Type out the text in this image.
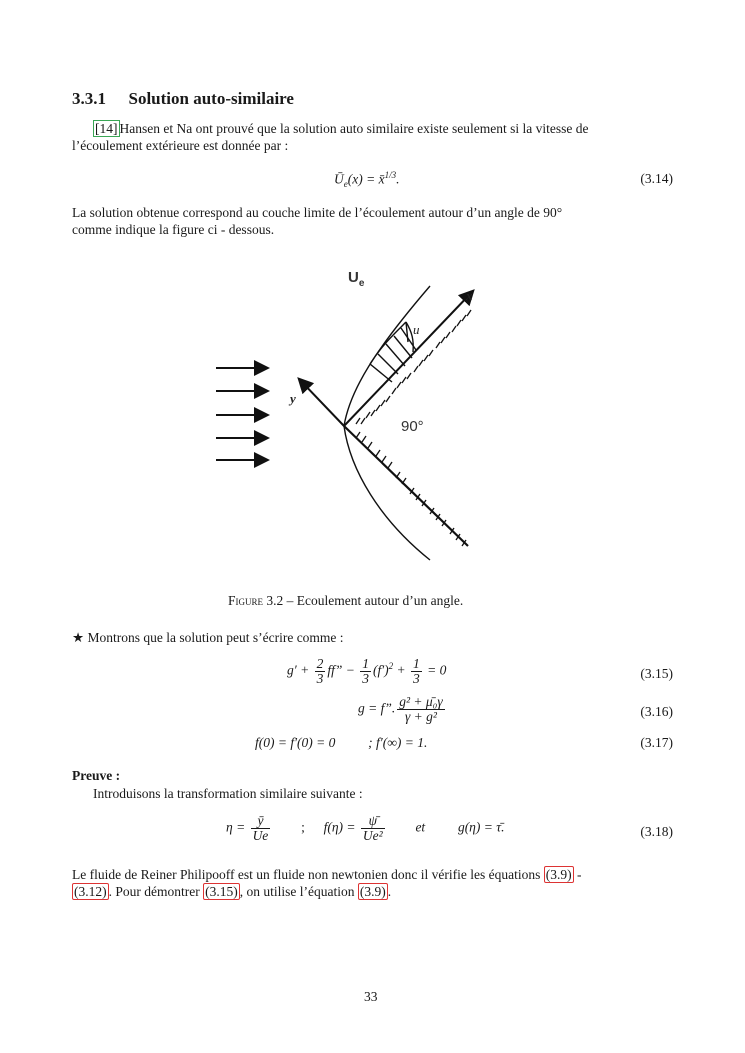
3.3.1 Solution auto-similaire
[14] Hansen et Na ont prouvé que la solution auto similaire existe seulement si la vitesse de
l’écoulement extérieure est donnée par :
$Ū_e(x)$ = x̄$^{1/3}$.	(3.14)
La solution obtenue correspond au couche limite de l’écoulement autour d’un angle de 90°
comme indique la figure ci - dessous.
$U_e$
x
u
y
90°
Figure 3.2 – Ecoulement autour d’un angle.
★ Montrons que la solution peut s’écrire comme :
$g' + \frac{2}{3}$ ff” − $\frac{1}{3} (f')^2 + \frac{1}{3} = 0$	(3.15)
g = f”. $\frac{\text{g² + μ̄₀γ}}{\text{γ + g²}}$	(3.16)
f(0) = f′(0) = 0 ; f′(∞) = 1.	(3.17)
Preuve :
Introduisons la transformation similaire suivante :
$\eta = \frac{ȳ}{Ue}$ ; $f(\eta) = \frac{\psī}{\text{Ue²}}$ et g(η) = τ̄.	(3.18)
Le fluide de Reiner Philipooff est un fluide non newtonien donc il vérifie les équations (3.9) -
(3.12) . Pour démontrer (3.15) , on utilise l’équation (3.9) .
33
